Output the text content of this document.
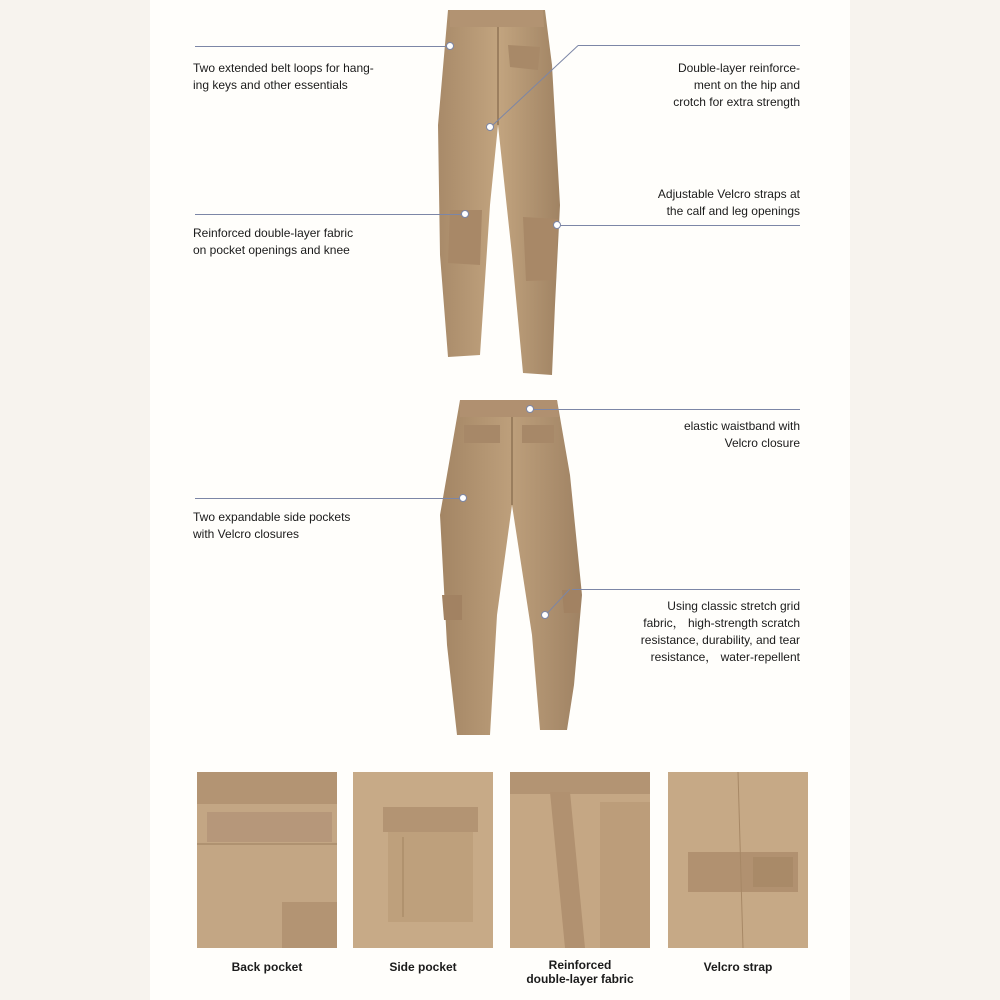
Two extended belt loops for hang-
ing keys and other essentials
Double-layer reinforce-
ment on the hip and
crotch for extra strength
Adjustable Velcro straps at
the calf and leg openings
Reinforced double-layer fabric
on pocket openings and knee
elastic waistband with
Velcro closure
Two expandable side pockets
with Velcro closures
Using classic stretch grid
fabric， high-strength scratch
resistance, durability, and tear
resistance， water-repellent
Back pocket	Side pocket	Reinforced
double-layer fabric
Velcro strap
